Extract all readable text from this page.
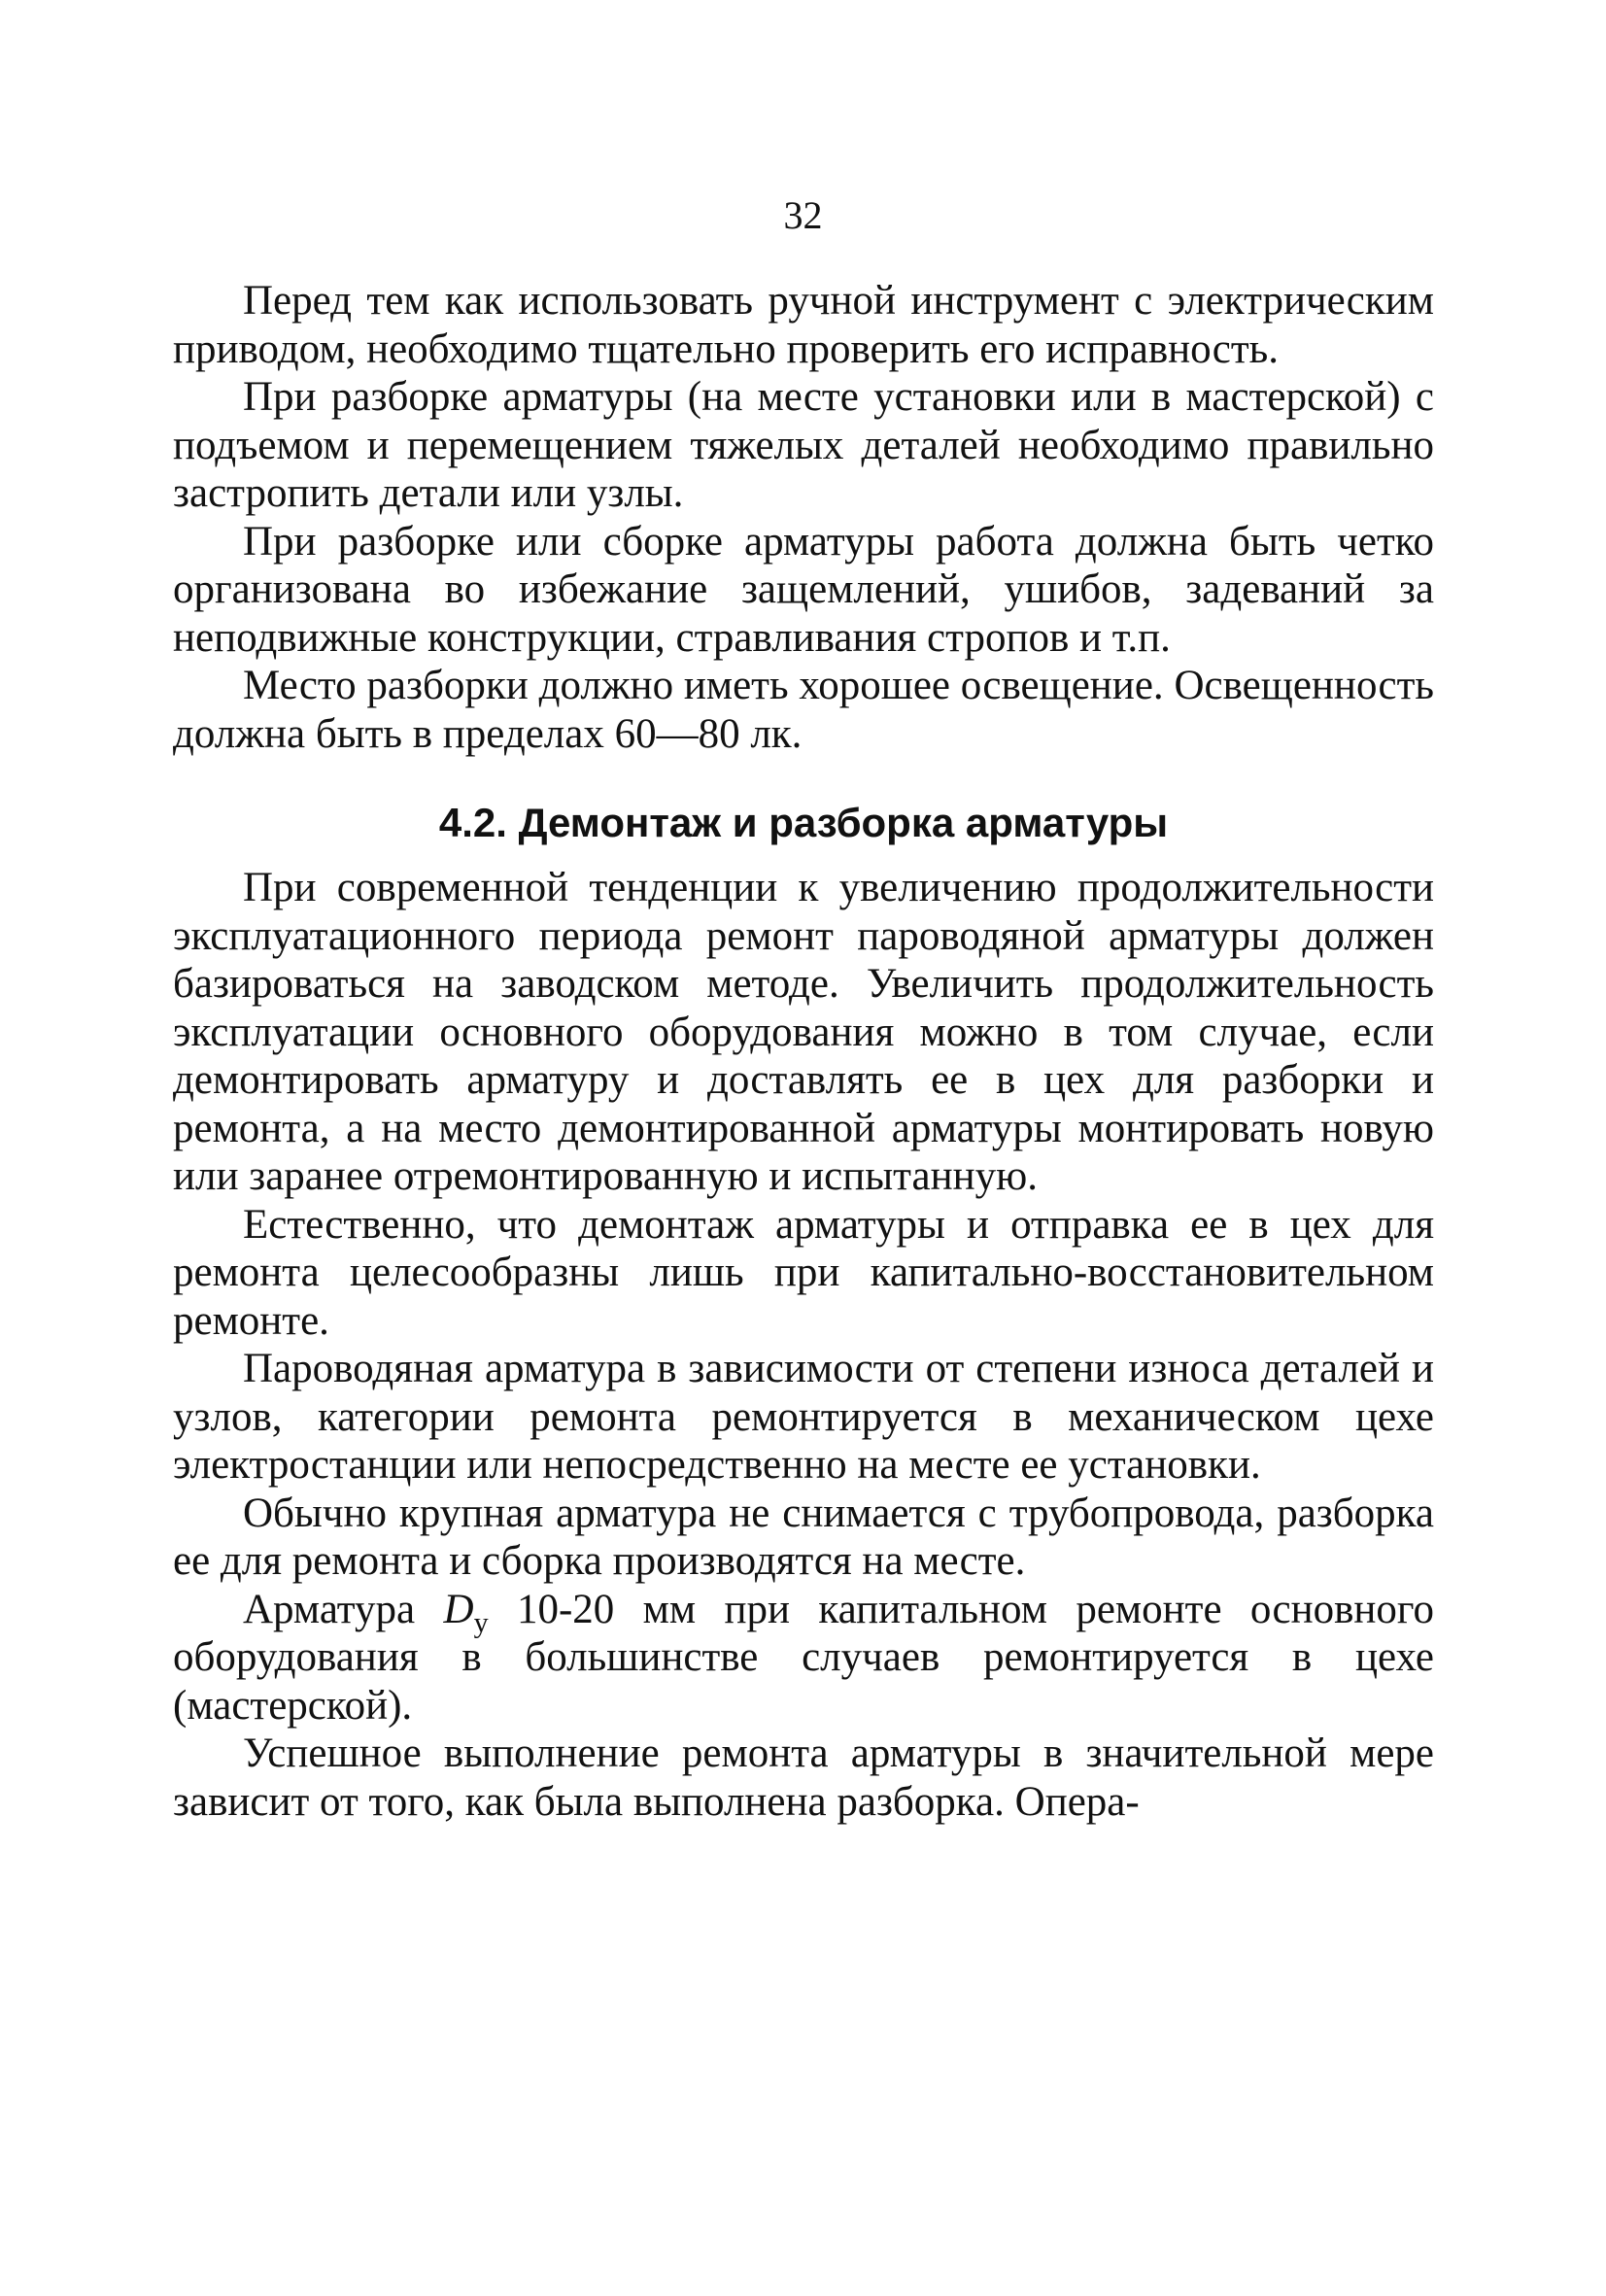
32

Перед тем как использовать ручной инструмент с электрическим приводом, необходимо тщательно проверить его исправность.

При разборке арматуры (на месте установки или в мастерской) с подъемом и перемещением тяжелых деталей необходимо правильно застропить детали или узлы.

При разборке или сборке арматуры работа должна быть четко организована во избежание защемлений, ушибов, задеваний за неподвижные конструкции, стравливания стропов и т.п.

Место разборки должно иметь хорошее освещение. Освещенность должна быть в пределах 60—80 лк.

4.2. Демонтаж и разборка арматуры

При современной тенденции к увеличению продолжительности эксплуатационного периода ремонт пароводяной арматуры должен базироваться на заводском методе. Увеличить продолжительность эксплуатации основного оборудования можно в том случае, если демонтировать арматуру и доставлять ее в цех для разборки и ремонта, а на место демонтированной арматуры монтировать новую или заранее отремонтированную и испытанную.

Естественно, что демонтаж арматуры и отправка ее в цех для ремонта целесообразны лишь при капитально-восстановительном ремонте.

Пароводяная арматура в зависимости от степени износа деталей и узлов, категории ремонта ремонтируется в механическом цехе электростанции или непосредственно на месте ее установки.

Обычно крупная арматура не снимается с трубопровода, разборка ее для ремонта и сборка производятся на месте.

Арматура $D_у$ 10-20 мм при капитальном ремонте основного оборудования в большинстве случаев ремонтируется в цехе (мастерской).

Успешное выполнение ремонта арматуры в значительной мере зависит от того, как была выполнена разборка. Опера-
